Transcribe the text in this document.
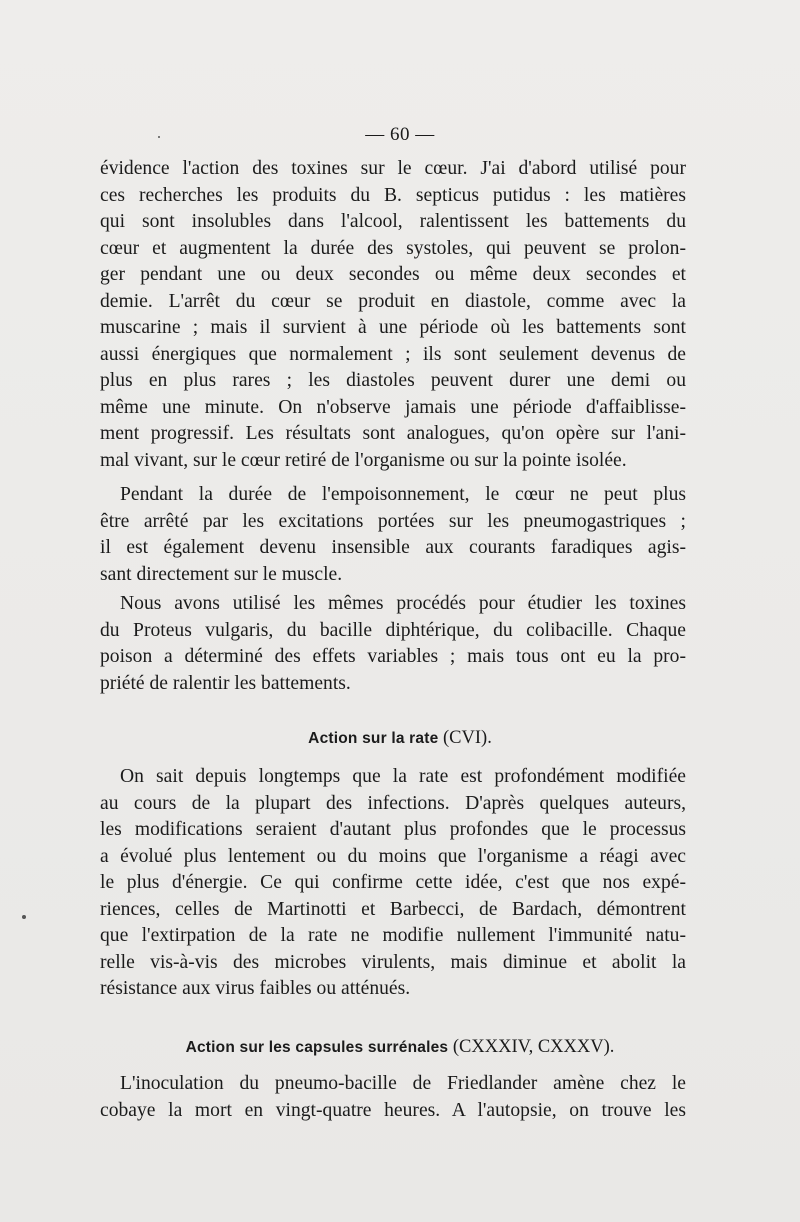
— 60 —
évidence l'action des toxines sur le cœur. J'ai d'abord utilisé pour
ces recherches les produits du B. septicus putidus : les matières
qui sont insolubles dans l'alcool, ralentissent les battements du
cœur et augmentent la durée des systoles, qui peuvent se prolon-
ger pendant une ou deux secondes ou même deux secondes et
demie. L'arrêt du cœur se produit en diastole, comme avec la
muscarine ; mais il survient à une période où les battements sont
aussi énergiques que normalement ; ils sont seulement devenus de
plus en plus rares ; les diastoles peuvent durer une demi ou
même une minute. On n'observe jamais une période d'affaiblisse-
ment progressif. Les résultats sont analogues, qu'on opère sur l'ani-
mal vivant, sur le cœur retiré de l'organisme ou sur la pointe isolée.
Pendant la durée de l'empoisonnement, le cœur ne peut plus
être arrêté par les excitations portées sur les pneumogastriques ;
il est également devenu insensible aux courants faradiques agis-
sant directement sur le muscle.
Nous avons utilisé les mêmes procédés pour étudier les toxines
du Proteus vulgaris, du bacille diphtérique, du colibacille. Chaque
poison a déterminé des effets variables ; mais tous ont eu la pro-
priété de ralentir les battements.
Action sur la rate (CVI).
On sait depuis longtemps que la rate est profondément modifiée
au cours de la plupart des infections. D'après quelques auteurs,
les modifications seraient d'autant plus profondes que le processus
a évolué plus lentement ou du moins que l'organisme a réagi avec
le plus d'énergie. Ce qui confirme cette idée, c'est que nos expé-
riences, celles de Martinotti et Barbecci, de Bardach, démontrent
que l'extirpation de la rate ne modifie nullement l'immunité natu-
relle vis-à-vis des microbes virulents, mais diminue et abolit la
résistance aux virus faibles ou atténués.
Action sur les capsules surrénales (CXXXIV, CXXXV).
L'inoculation du pneumo-bacille de Friedlander amène chez le
cobaye la mort en vingt-quatre heures. A l'autopsie, on trouve les
